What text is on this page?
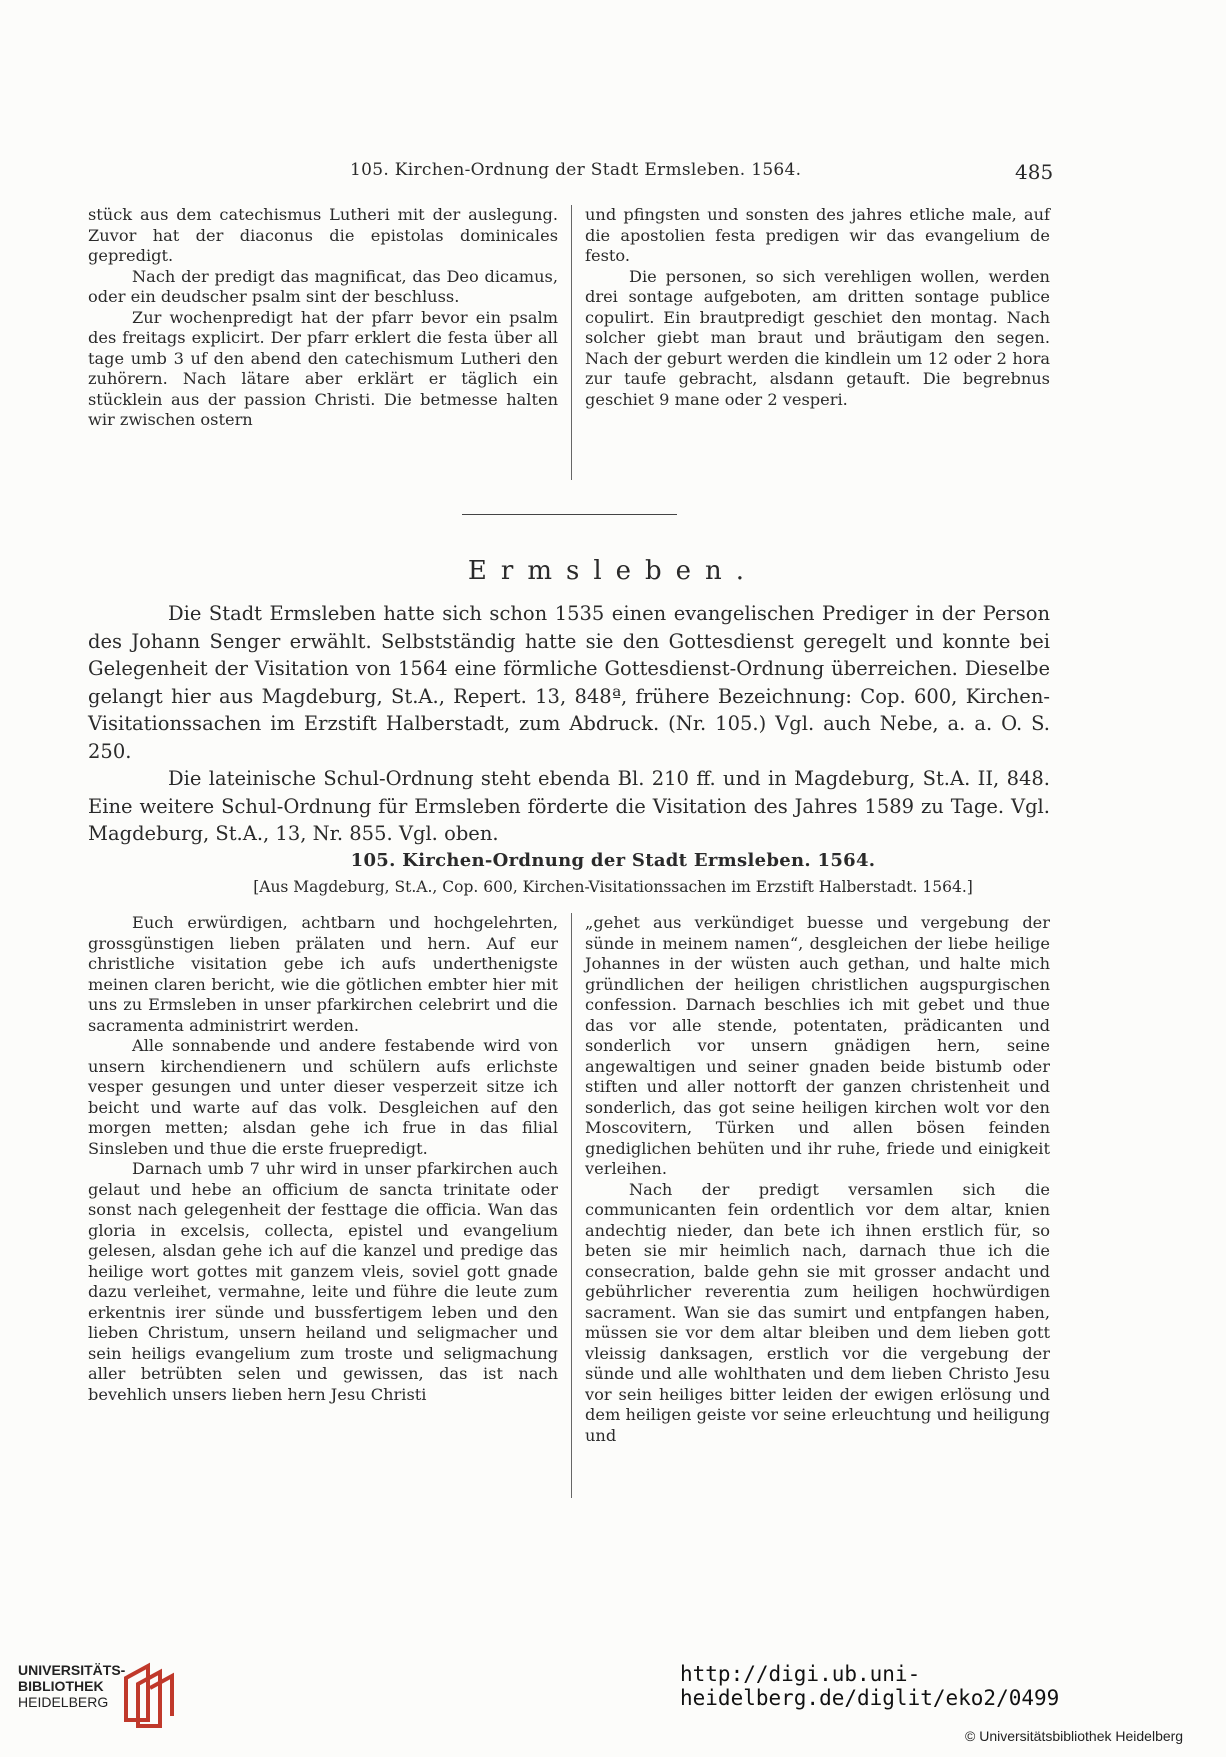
105. Kirchen-Ordnung der Stadt Ermsleben. 1564.	485

stück aus dem catechismus Lutheri mit der auslegung. Zuvor hat der diaconus die epistolas dominicales gepredigt.

Nach der predigt das magnificat, das Deo dicamus, oder ein deudscher psalm sint der beschluss.

Zur wochenpredigt hat der pfarr bevor ein psalm des freitags explicirt. Der pfarr erklert die festa über all tage umb 3 uf den abend den catechismum Lutheri den zuhörern. Nach lätare aber erklärt er täglich ein stücklein aus der passion Christi. Die betmesse halten wir zwischen ostern

und pfingsten und sonsten des jahres etliche male, auf die apostolien festa predigen wir das evangelium de festo.

Die personen, so sich verehligen wollen, werden drei sontage aufgeboten, am dritten sontage publice copulirt. Ein brautpredigt geschiet den montag. Nach solcher giebt man braut und bräutigam den segen. Nach der geburt werden die kindlein um 12 oder 2 hora zur taufe gebracht, alsdann getauft. Die begrebnus geschiet 9 mane oder 2 vesperi.

Ermsleben.

Die Stadt Ermsleben hatte sich schon 1535 einen evangelischen Prediger in der Person des Johann Senger erwählt. Selbstständig hatte sie den Gottesdienst geregelt und konnte bei Gelegenheit der Visitation von 1564 eine förmliche Gottesdienst-Ordnung überreichen. Dieselbe gelangt hier aus Magdeburg, St.A., Repert. 13, 848ª, frühere Bezeichnung: Cop. 600, Kirchen-Visitationssachen im Erzstift Halberstadt, zum Abdruck. (Nr. 105.) Vgl. auch Nebe, a. a. O. S. 250.

Die lateinische Schul-Ordnung steht ebenda Bl. 210 ff. und in Magdeburg, St.A. II, 848. Eine weitere Schul-Ordnung für Ermsleben förderte die Visitation des Jahres 1589 zu Tage. Vgl. Magdeburg, St.A., 13, Nr. 855. Vgl. oben.

105. Kirchen-Ordnung der Stadt Ermsleben. 1564.
[Aus Magdeburg, St.A., Cop. 600, Kirchen-Visitationssachen im Erzstift Halberstadt. 1564.]

Euch erwürdigen, achtbarn und hochgelehrten, grossgünstigen lieben prälaten und hern. Auf eur christliche visitation gebe ich aufs underthenigste meinen claren bericht, wie die götlichen embter hier mit uns zu Ermsleben in unser pfarkirchen celebrirt und die sacramenta administrirt werden.

Alle sonnabende und andere festabende wird von unsern kirchendienern und schülern aufs erlichste vesper gesungen und unter dieser vesperzeit sitze ich beicht und warte auf das volk. Desgleichen auf den morgen metten; alsdan gehe ich frue in das filial Sinsleben und thue die erste fruepredigt.

Darnach umb 7 uhr wird in unser pfarkirchen auch gelaut und hebe an officium de sancta trinitate oder sonst nach gelegenheit der festtage die officia. Wan das gloria in excelsis, collecta, epistel und evangelium gelesen, alsdan gehe ich auf die kanzel und predige das heilige wort gottes mit ganzem vleis, soviel gott gnade dazu verleihet, vermahne, leite und führe die leute zum erkentnis irer sünde und bussfertigem leben und den lieben Christum, unsern heiland und seligmacher und sein heiligs evangelium zum troste und seligmachung aller betrübten selen und gewissen, das ist nach bevehlich unsers lieben hern Jesu Christi

„gehet aus verkündiget buesse und vergebung der sünde in meinem namen“, desgleichen der liebe heilige Johannes in der wüsten auch gethan, und halte mich gründlichen der heiligen christlichen augspurgischen confession. Darnach beschlies ich mit gebet und thue das vor alle stende, potentaten, prädicanten und sonderlich vor unsern gnädigen hern, seine angewaltigen und seiner gnaden beide bistumb oder stiften und aller nottorft der ganzen christenheit und sonderlich, das got seine heiligen kirchen wolt vor den Moscovitern, Türken und allen bösen feinden gnediglichen behüten und ihr ruhe, friede und einigkeit verleihen.

Nach der predigt versamlen sich die communicanten fein ordentlich vor dem altar, knien andechtig nieder, dan bete ich ihnen erstlich für, so beten sie mir heimlich nach, darnach thue ich die consecration, balde gehn sie mit grosser andacht und gebührlicher reverentia zum heiligen hochwürdigen sacrament. Wan sie das sumirt und entpfangen haben, müssen sie vor dem altar bleiben und dem lieben gott vleissig danksagen, erstlich vor die vergebung der sünde und alle wohlthaten und dem lieben Christo Jesu vor sein heiliges bitter leiden der ewigen erlösung und dem heiligen geiste vor seine erleuchtung und heiligung und

UNIVERSITÄTS-
BIBLIOTHEK
HEIDELBERG
http://digi.ub.uni-heidelberg.de/diglit/eko2/0499
© Universitätsbibliothek Heidelberg
